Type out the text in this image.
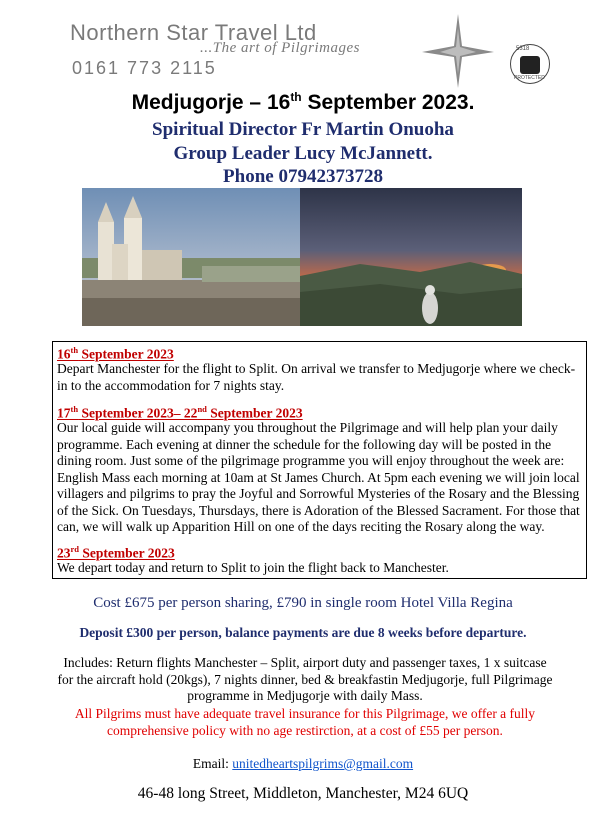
Northern Star Travel Ltd
...The art of Pilgrimages
0161 773 2115
5318
PROTECTED
Medjugorje – 16th September 2023.
Spiritual Director Fr Martin Onuoha
Group Leader Lucy McJannett.
Phone 07942373728
16th September 2023
Depart Manchester for the flight to Split. On arrival we transfer to Medjugorje where we check-in to the accommodation for 7 nights stay.
17th September 2023– 22nd September 2023
Our local guide will accompany you throughout the Pilgrimage and will help plan your daily programme. Each evening at dinner the schedule for the following day will be posted in the dining room. Just some of the pilgrimage programme you will enjoy throughout the week are: English Mass each morning at 10am at St James Church. At 5pm each evening we will join local villagers and pilgrims to pray the Joyful and Sorrowful Mysteries of the Rosary and the Blessing of the Sick. On Tuesdays, Thursdays, there is Adoration of the Blessed Sacrament. For those that can, we will walk up Apparition Hill on one of the days reciting the Rosary along the way.
23rd September 2023
We depart today and return to Split to join the flight back to Manchester.
Cost £675 per person sharing, £790 in single room Hotel Villa Regina
Deposit £300 per person, balance payments are due 8 weeks before departure.
Includes: Return flights Manchester – Split, airport duty and passenger taxes, 1 x suitcase for the aircraft hold (20kgs), 7 nights dinner, bed & breakfastin Medjugorje, full Pilgrimage programme in Medjugorje with daily Mass.
All Pilgrims must have adequate travel insurance for this Pilgrimage, we offer a fully comprehensive policy with no age restirction, at a cost of £55 per person.
Email: unitedheartspilgrims@gmail.com
46-48 long Street, Middleton, Manchester, M24 6UQ
